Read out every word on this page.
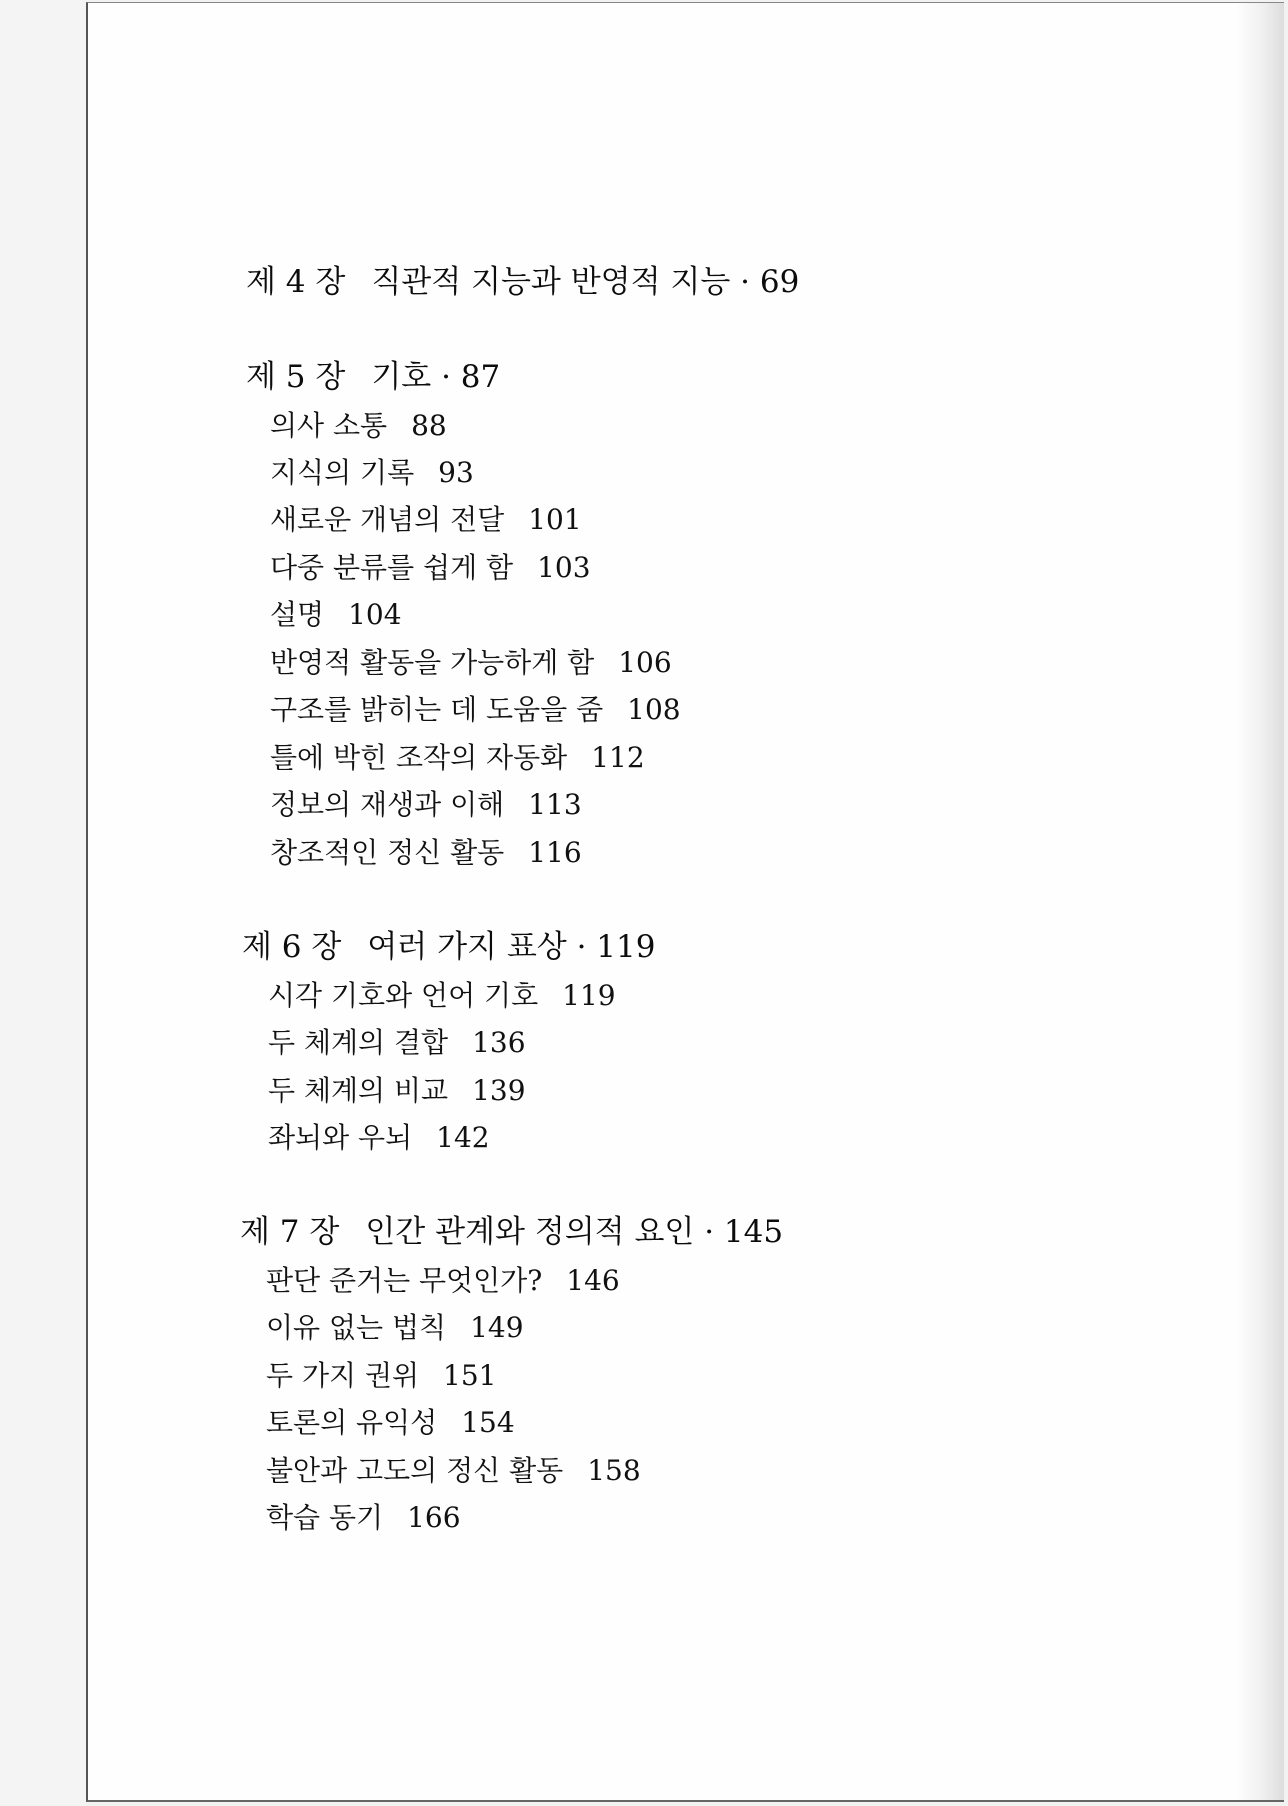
제 4 장 직관적 지능과 반영적 지능 · 69
제 5 장 기호 · 87
의사 소통 88
지식의 기록 93
새로운 개념의 전달 101
다중 분류를 쉽게 함 103
설명 104
반영적 활동을 가능하게 함 106
구조를 밝히는 데 도움을 줌 108
틀에 박힌 조작의 자동화 112
정보의 재생과 이해 113
창조적인 정신 활동 116
제 6 장 여러 가지 표상 · 119
시각 기호와 언어 기호 119
두 체계의 결합 136
두 체계의 비교 139
좌뇌와 우뇌 142
제 7 장 인간 관계와 정의적 요인 · 145
판단 준거는 무엇인가? 146
이유 없는 법칙 149
두 가지 권위 151
토론의 유익성 154
불안과 고도의 정신 활동 158
학습 동기 166
